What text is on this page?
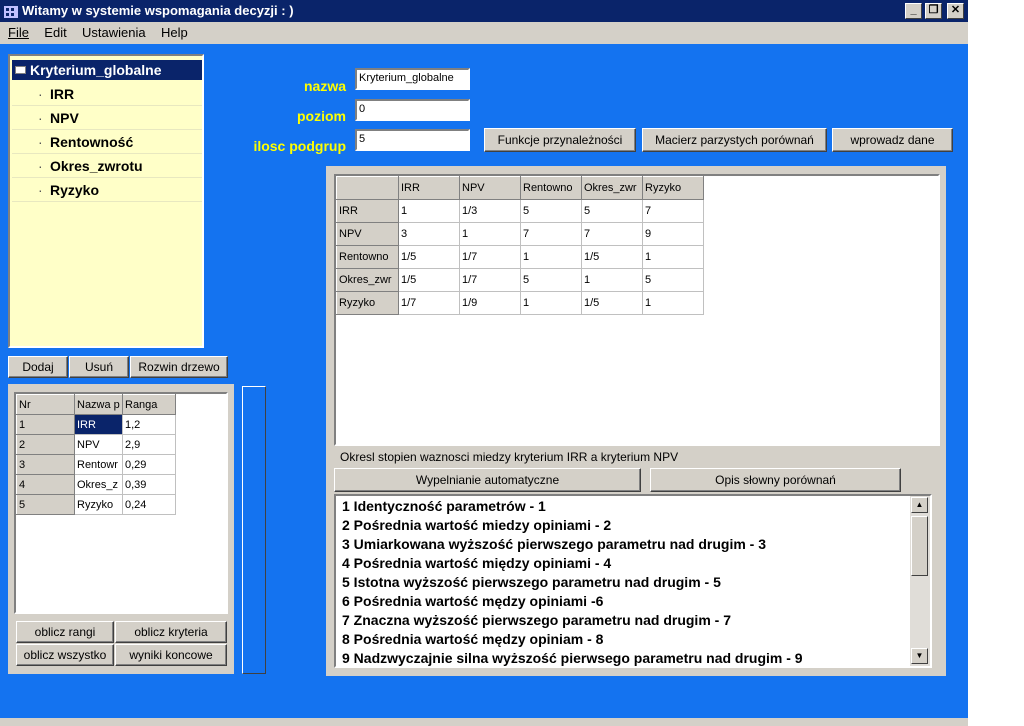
Witamy w systemie wspomagania decyzji : )	_	❐	✕
File Edit Ustawienia Help
Kryterium_globalne
· IRR
· NPV
· Rentowność
· Okres_zwrotu
· Ryzyko
Dodaj	Usuń	Rozwin drzewo
nazwa	Kryterium_globalne
poziom	0
ilosc podgrup	5	Funkcje przynależności	Macierz parzystych porównań	wprowadz dane
	IRR	NPV	Rentowno	Okres_zwr	Ryzyko
IRR	1	1/3	5	5	7
NPV	3	1	7	7	9
Rentowno	1/5	1/7	1	1/5	1
Okres_zwr	1/5	1/7	5	1	5
Ryzyko	1/7	1/9	1	1/5	1
Okresl stopien waznosci miedzy kryterium IRR a kryterium NPV
Wypelnianie automatyczne	Opis słowny porównań
1 Identyczność parametrów - 1
2 Pośrednia wartość miedzy opiniami - 2
3 Umiarkowana wyższość pierwszego parametru nad drugim - 3
4 Pośrednia wartość między opiniami - 4
5 Istotna wyższość pierwszego parametru nad drugim - 5
6 Pośrednia wartość mędzy opiniami -6
7 Znaczna wyższość pierwszego parametru nad drugim - 7
8 Pośrednia wartość mędzy opiniam - 8
9 Nadzwyczajnie silna wyższość pierwsego parametru nad drugim - 9
▲
▼
Nr	Nazwa p	Ranga
1	IRR	1,2
2	NPV	2,9
3	Rentowr	0,29
4	Okres_z	0,39
5	Ryzyko	0,24
oblicz rangi	oblicz kryteria
oblicz wszystko	wyniki koncowe
